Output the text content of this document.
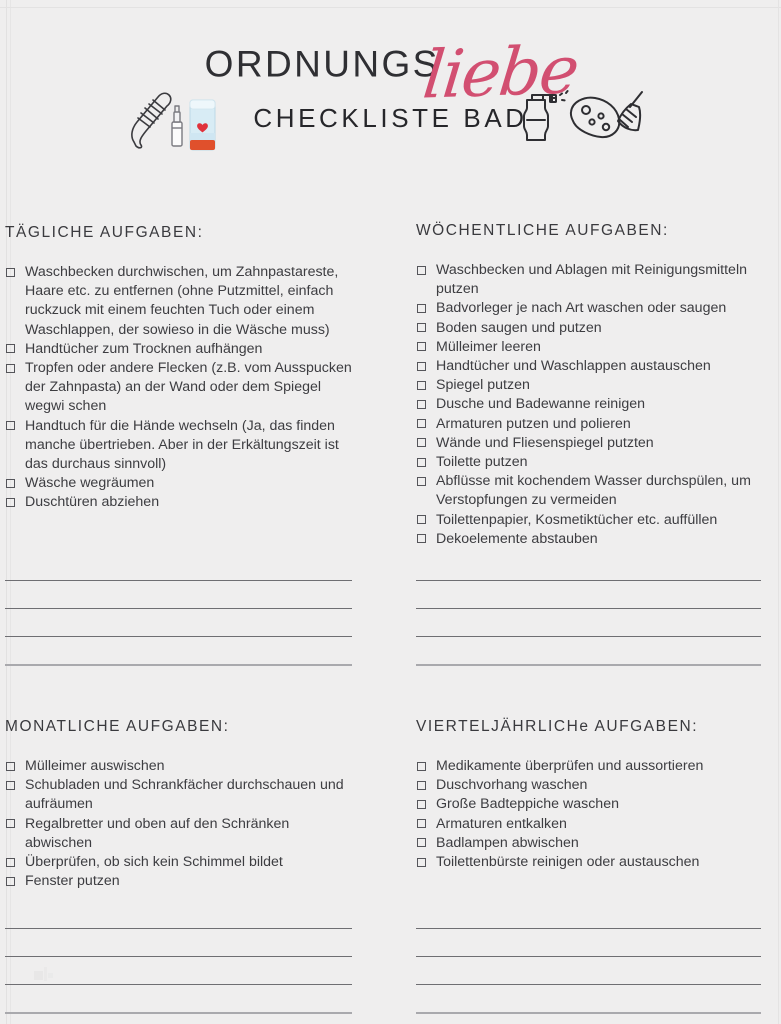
ORDNUNGSliebe
CHECKLISTE BAD
TÄGLICHE AUFGABEN:
Waschbecken durchwischen, um Zahnpastareste, Haare etc. zu entfernen (ohne Putzmittel, einfach ruckzuck mit einem feuchten Tuch oder einem Waschlappen, der sowieso in die Wäsche muss)
Handtücher zum Trocknen aufhängen
Tropfen oder andere Flecken (z.B. vom Ausspucken der Zahnpasta) an der Wand oder dem Spiegel wegwi schen
Handtuch für die Hände wechseln (Ja, das finden manche übertrieben. Aber in der Erkältungszeit ist das durchaus sinnvoll)
Wäsche wegräumen
Duschtüren abziehen
WÖCHENTLICHE AUFGABEN:
Waschbecken und Ablagen mit Reinigungsmitteln putzen
Badvorleger je nach Art waschen oder saugen
Boden saugen und putzen
Mülleimer leeren
Handtücher und Waschlappen austauschen
Spiegel putzen
Dusche und Badewanne reinigen
Armaturen putzen und polieren
Wände und Fliesenspiegel putzten
Toilette putzen
Abflüsse mit kochendem Wasser durchspülen, um Verstopfungen zu vermeiden
Toilettenpapier, Kosmetiktücher etc. auffüllen
Dekoelemente abstauben
MONATLICHE AUFGABEN:
Mülleimer auswischen
Schubladen und Schrankfächer durchschauen und aufräumen
Regalbretter und oben auf den Schränken abwischen
Überprüfen, ob sich kein Schimmel bildet
Fenster putzen
VIERTELJÄHRLICHe AUFGABEN:
Medikamente überprüfen und aussortieren
Duschvorhang waschen
Große Badteppiche waschen
Armaturen entkalken
Badlampen abwischen
Toilettenbürste reinigen oder austauschen
